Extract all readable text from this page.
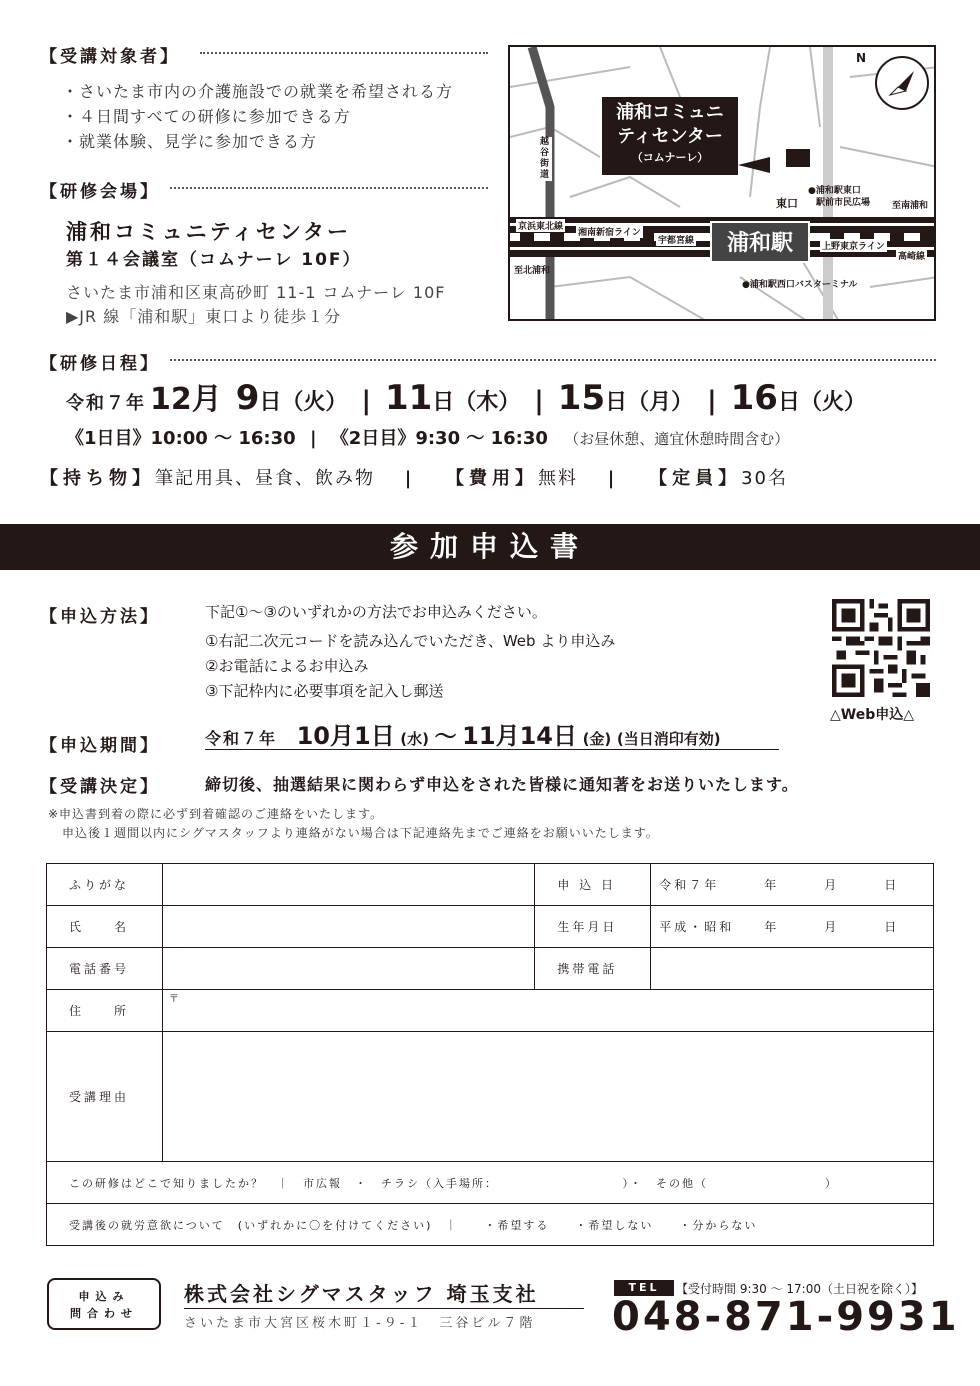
【受講対象者】
・さいたま市内の介護施設での就業を希望される方
・４日間すべての研修に参加できる方
・就業体験、見学に参加できる方
【研修会場】
浦和コミュニティセンター
第１４会議室（コムナーレ 10F）
さいたま市浦和区東高砂町 11-1 コムナーレ 10F
▶JR 線「浦和駅」東口より徒歩１分
N
浦和コミュニ
ティセンター
（コムナーレ）
越谷街道
東口
●浦和駅東口
駅前市民広場 至南浦和
浦和駅
京浜東北線
湘南新宿ライン
宇都宮線
上野東京ライン
高崎線
至北浦和
●浦和駅西口バスターミナル
【研修日程】
令和７年 12月 9 日（火） | 11 日（木） | 15 日（月） | 16 日（火）
《1日目》10:00 ～ 16:30 | 《2日目》9:30 ～ 16:30 （お昼休憩、適宜休憩時間含む）
【持ち物】筆記用具、昼食、飲み物 | 【費用】無料 | 【定員】30名
参加申込書
【申込方法】	下記①～③のいずれかの方法でお申込みください。
①右記二次元コードを読み込んでいただき、Web より申込み
②お電話によるお申込み
③下記枠内に必要事項を記入し郵送
△Web申込△
【申込期間】	令和７年 10月1日 (水) ～ 11月14日 (金) (当日消印有効)
【受講決定】	締切後、抽選結果に関わらず申込をされた皆様に通知著をお送りいたします。
※申込書到着の際に必ず到着確認のご連絡をいたします。
申込後１週間以内にシグマスタッフより連絡がない場合は下記連絡先までご連絡をお願いいたします。
ふりがな		申 込 日	令和７年　　　年　　　月　　　日
氏　　名		生年月日	平成・昭和　　年　　　月　　　日
電話番号		携帯電話	
住　　所	〒		
受講理由			
この研修はどこで知りましたか？　｜　市広報　・　チラシ（入手場所：　　　　　　　　　　）・　その他（　　　　　　　　　）			
受講後の就労意欲について　(いずれかに〇を付けてください)　｜　　・希望する　　・希望しない　　・分からない			
申込み
問合わせ
株式会社シグマスタッフ 埼玉支社
さいたま市大宮区桜木町１-９-１　三谷ビル７階
TEL	【受付時間 9:30 ～ 17:00（土日祝を除く）】
048-871-9931
